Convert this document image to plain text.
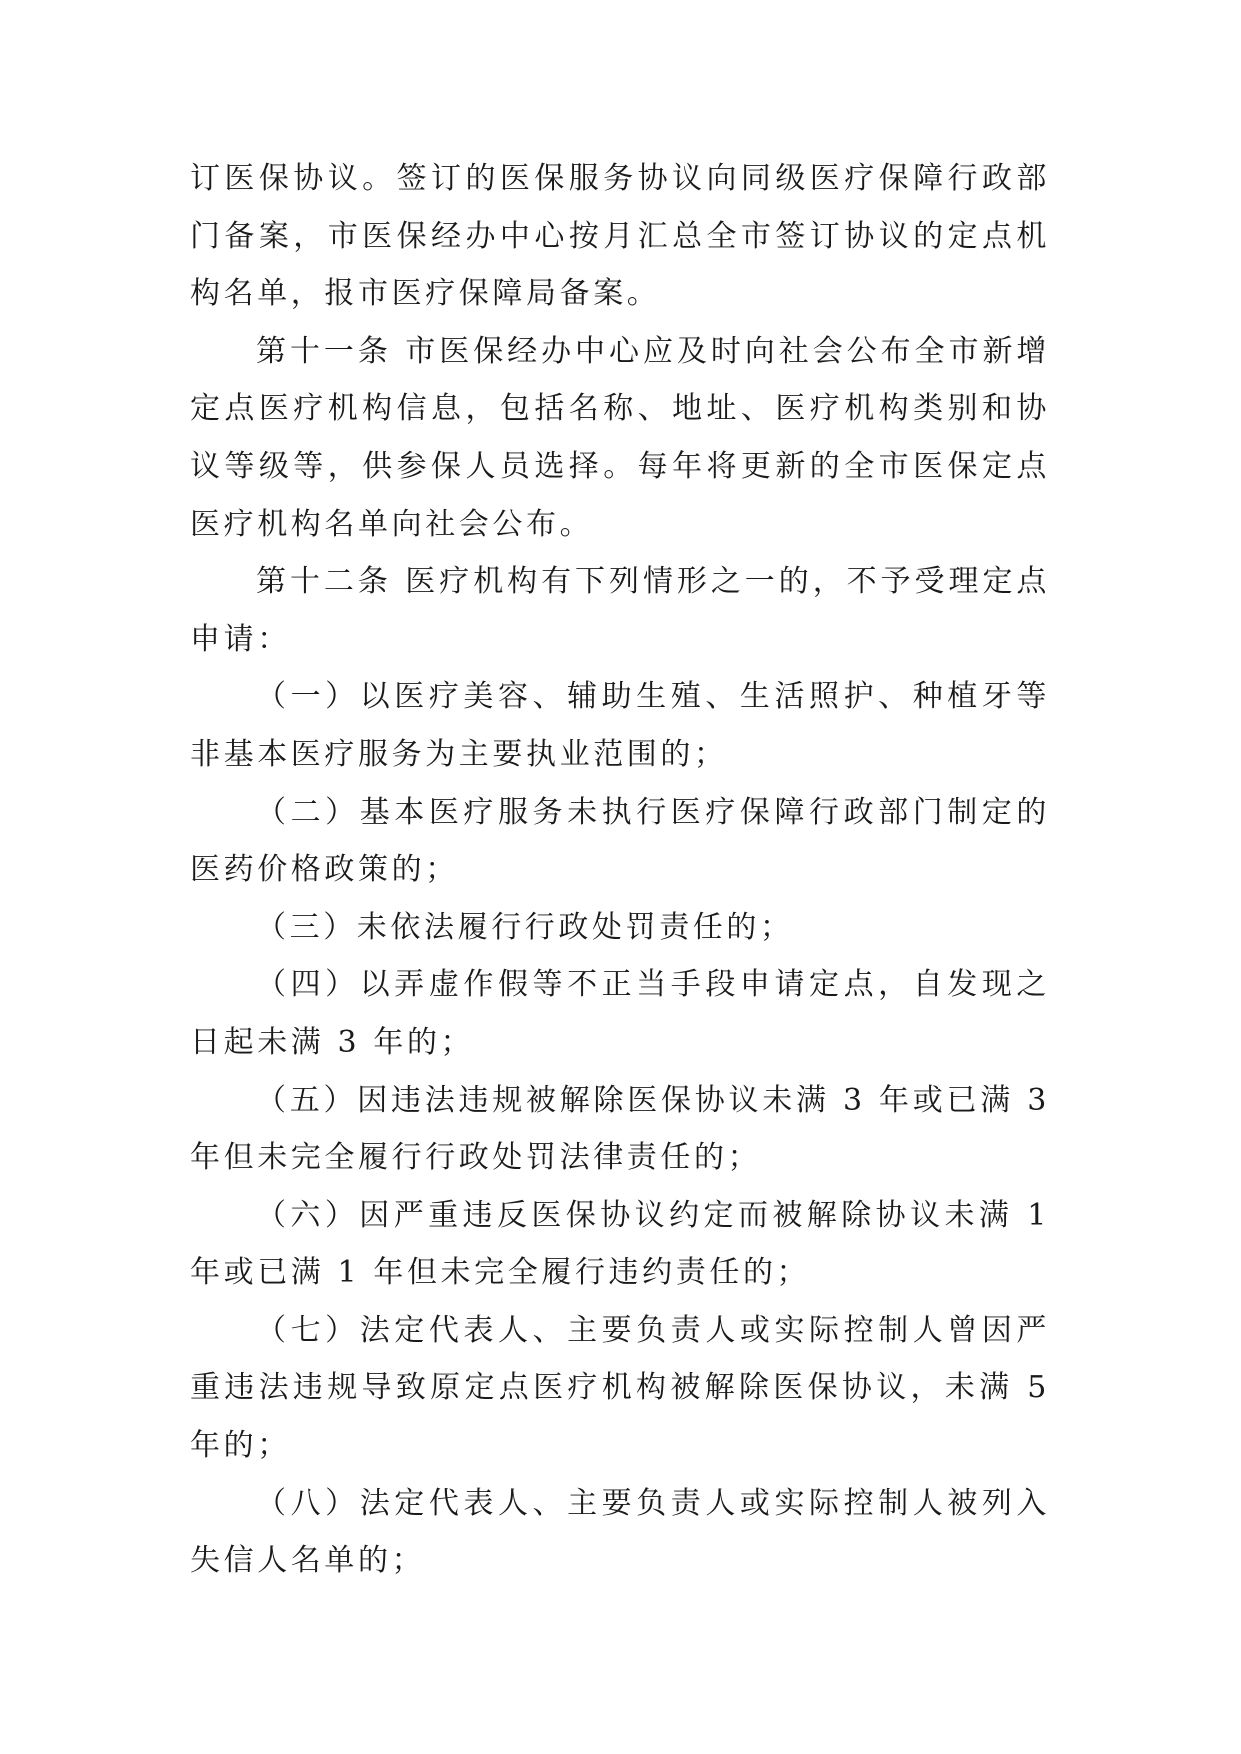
订医保协议。签订的医保服务协议向同级医疗保障行政部门备案，市医保经办中心按月汇总全市签订协议的定点机构名单，报市医疗保障局备案。

第十一条 市医保经办中心应及时向社会公布全市新增定点医疗机构信息，包括名称、地址、医疗机构类别和协议等级等，供参保人员选择。每年将更新的全市医保定点医疗机构名单向社会公布。

第十二条 医疗机构有下列情形之一的，不予受理定点申请：

（一）以医疗美容、辅助生殖、生活照护、种植牙等非基本医疗服务为主要执业范围的；

（二）基本医疗服务未执行医疗保障行政部门制定的医药价格政策的；

（三）未依法履行行政处罚责任的；

（四）以弄虚作假等不正当手段申请定点，自发现之日起未满 3 年的；

（五）因违法违规被解除医保协议未满 3 年或已满 3 年但未完全履行行政处罚法律责任的；

（六）因严重违反医保协议约定而被解除协议未满 1 年或已满 1 年但未完全履行违约责任的；

（七）法定代表人、主要负责人或实际控制人曾因严重违法违规导致原定点医疗机构被解除医保协议，未满 5 年的；

（八）法定代表人、主要负责人或实际控制人被列入失信人名单的；
